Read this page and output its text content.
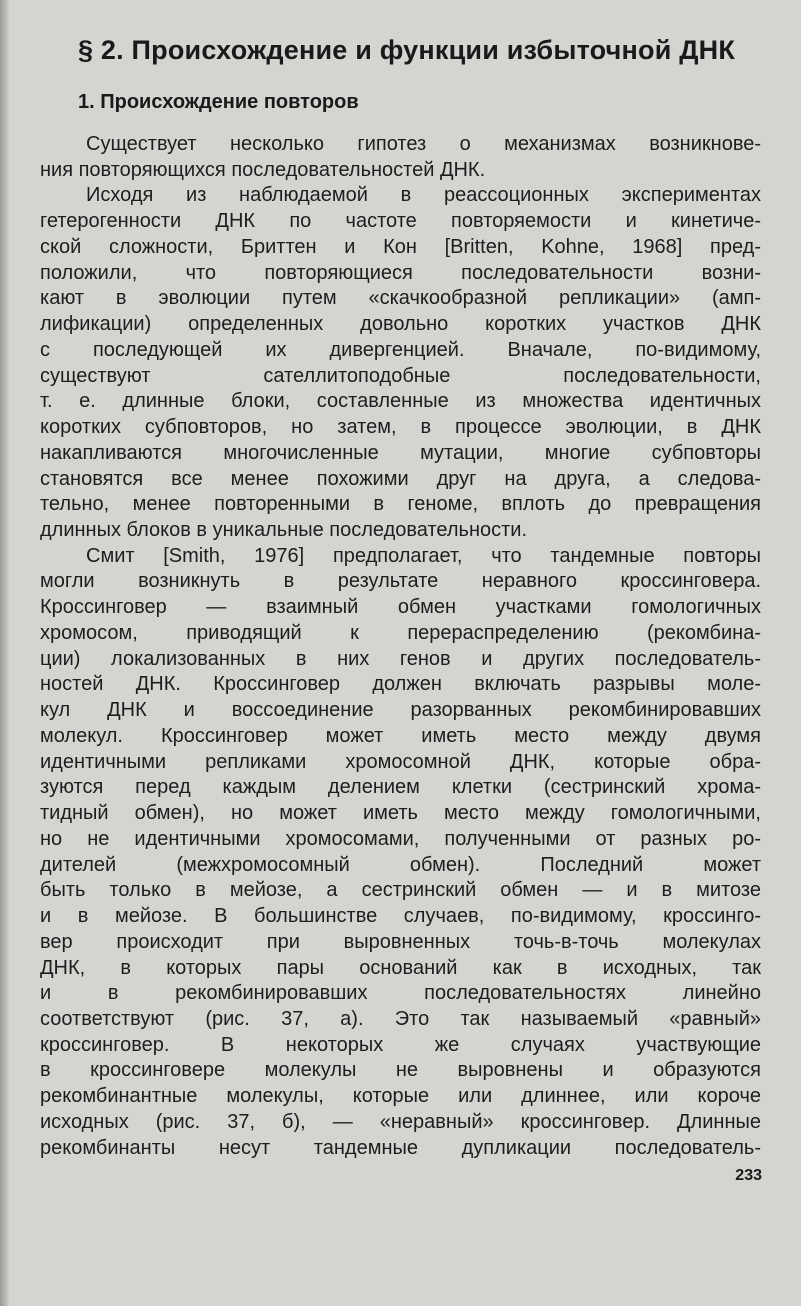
§ 2. Происхождение и функции избыточной ДНК
1. Происхождение повторов
Существует несколько гипотез о механизмах возникнове-
ния повторяющихся последовательностей ДНК.
Исходя из наблюдаемой в реассоционных экспериментах
гетерогенности ДНК по частоте повторяемости и кинетиче-
ской сложности, Бриттен и Кон [Britten, Kohne, 1968] пред-
положили, что повторяющиеся последовательности возни-
кают в эволюции путем «скачкообразной репликации» (амп-
лификации) определенных довольно коротких участков ДНК
с последующей их дивергенцией. Вначале, по-видимому,
существуют сателлитоподобные последовательности,
т. е. длинные блоки, составленные из множества идентичных
коротких субповторов, но затем, в процессе эволюции, в ДНК
накапливаются многочисленные мутации, многие субповторы
становятся все менее похожими друг на друга, а следова-
тельно, менее повторенными в геноме, вплоть до превращения
длинных блоков в уникальные последовательности.
Смит [Smith, 1976] предполагает, что тандемные повторы
могли возникнуть в результате неравного кроссинговера.
Кроссинговер — взаимный обмен участками гомологичных
хромосом, приводящий к перераспределению (рекомбина-
ции) локализованных в них генов и других последователь-
ностей ДНК. Кроссинговер должен включать разрывы моле-
кул ДНК и воссоединение разорванных рекомбинировавших
молекул. Кроссинговер может иметь место между двумя
идентичными репликами хромосомной ДНК, которые обра-
зуются перед каждым делением клетки (сестринский хрома-
тидный обмен), но может иметь место между гомологичными,
но не идентичными хромосомами, полученными от разных ро-
дителей (межхромосомный обмен). Последний может
быть только в мейозе, а сестринский обмен — и в митозе
и в мейозе. В большинстве случаев, по-видимому, кроссинго-
вер происходит при выровненных точь-в-точь молекулах
ДНК, в которых пары оснований как в исходных, так
и в рекомбинировавших последовательностях линейно
соответствуют (рис. 37, а). Это так называемый «равный»
кроссинговер. В некоторых же случаях участвующие
в кроссинговере молекулы не выровнены и образуются
рекомбинантные молекулы, которые или длиннее, или короче
исходных (рис. 37, б), — «неравный» кроссинговер. Длинные
рекомбинанты несут тандемные дупликации последователь-

233
